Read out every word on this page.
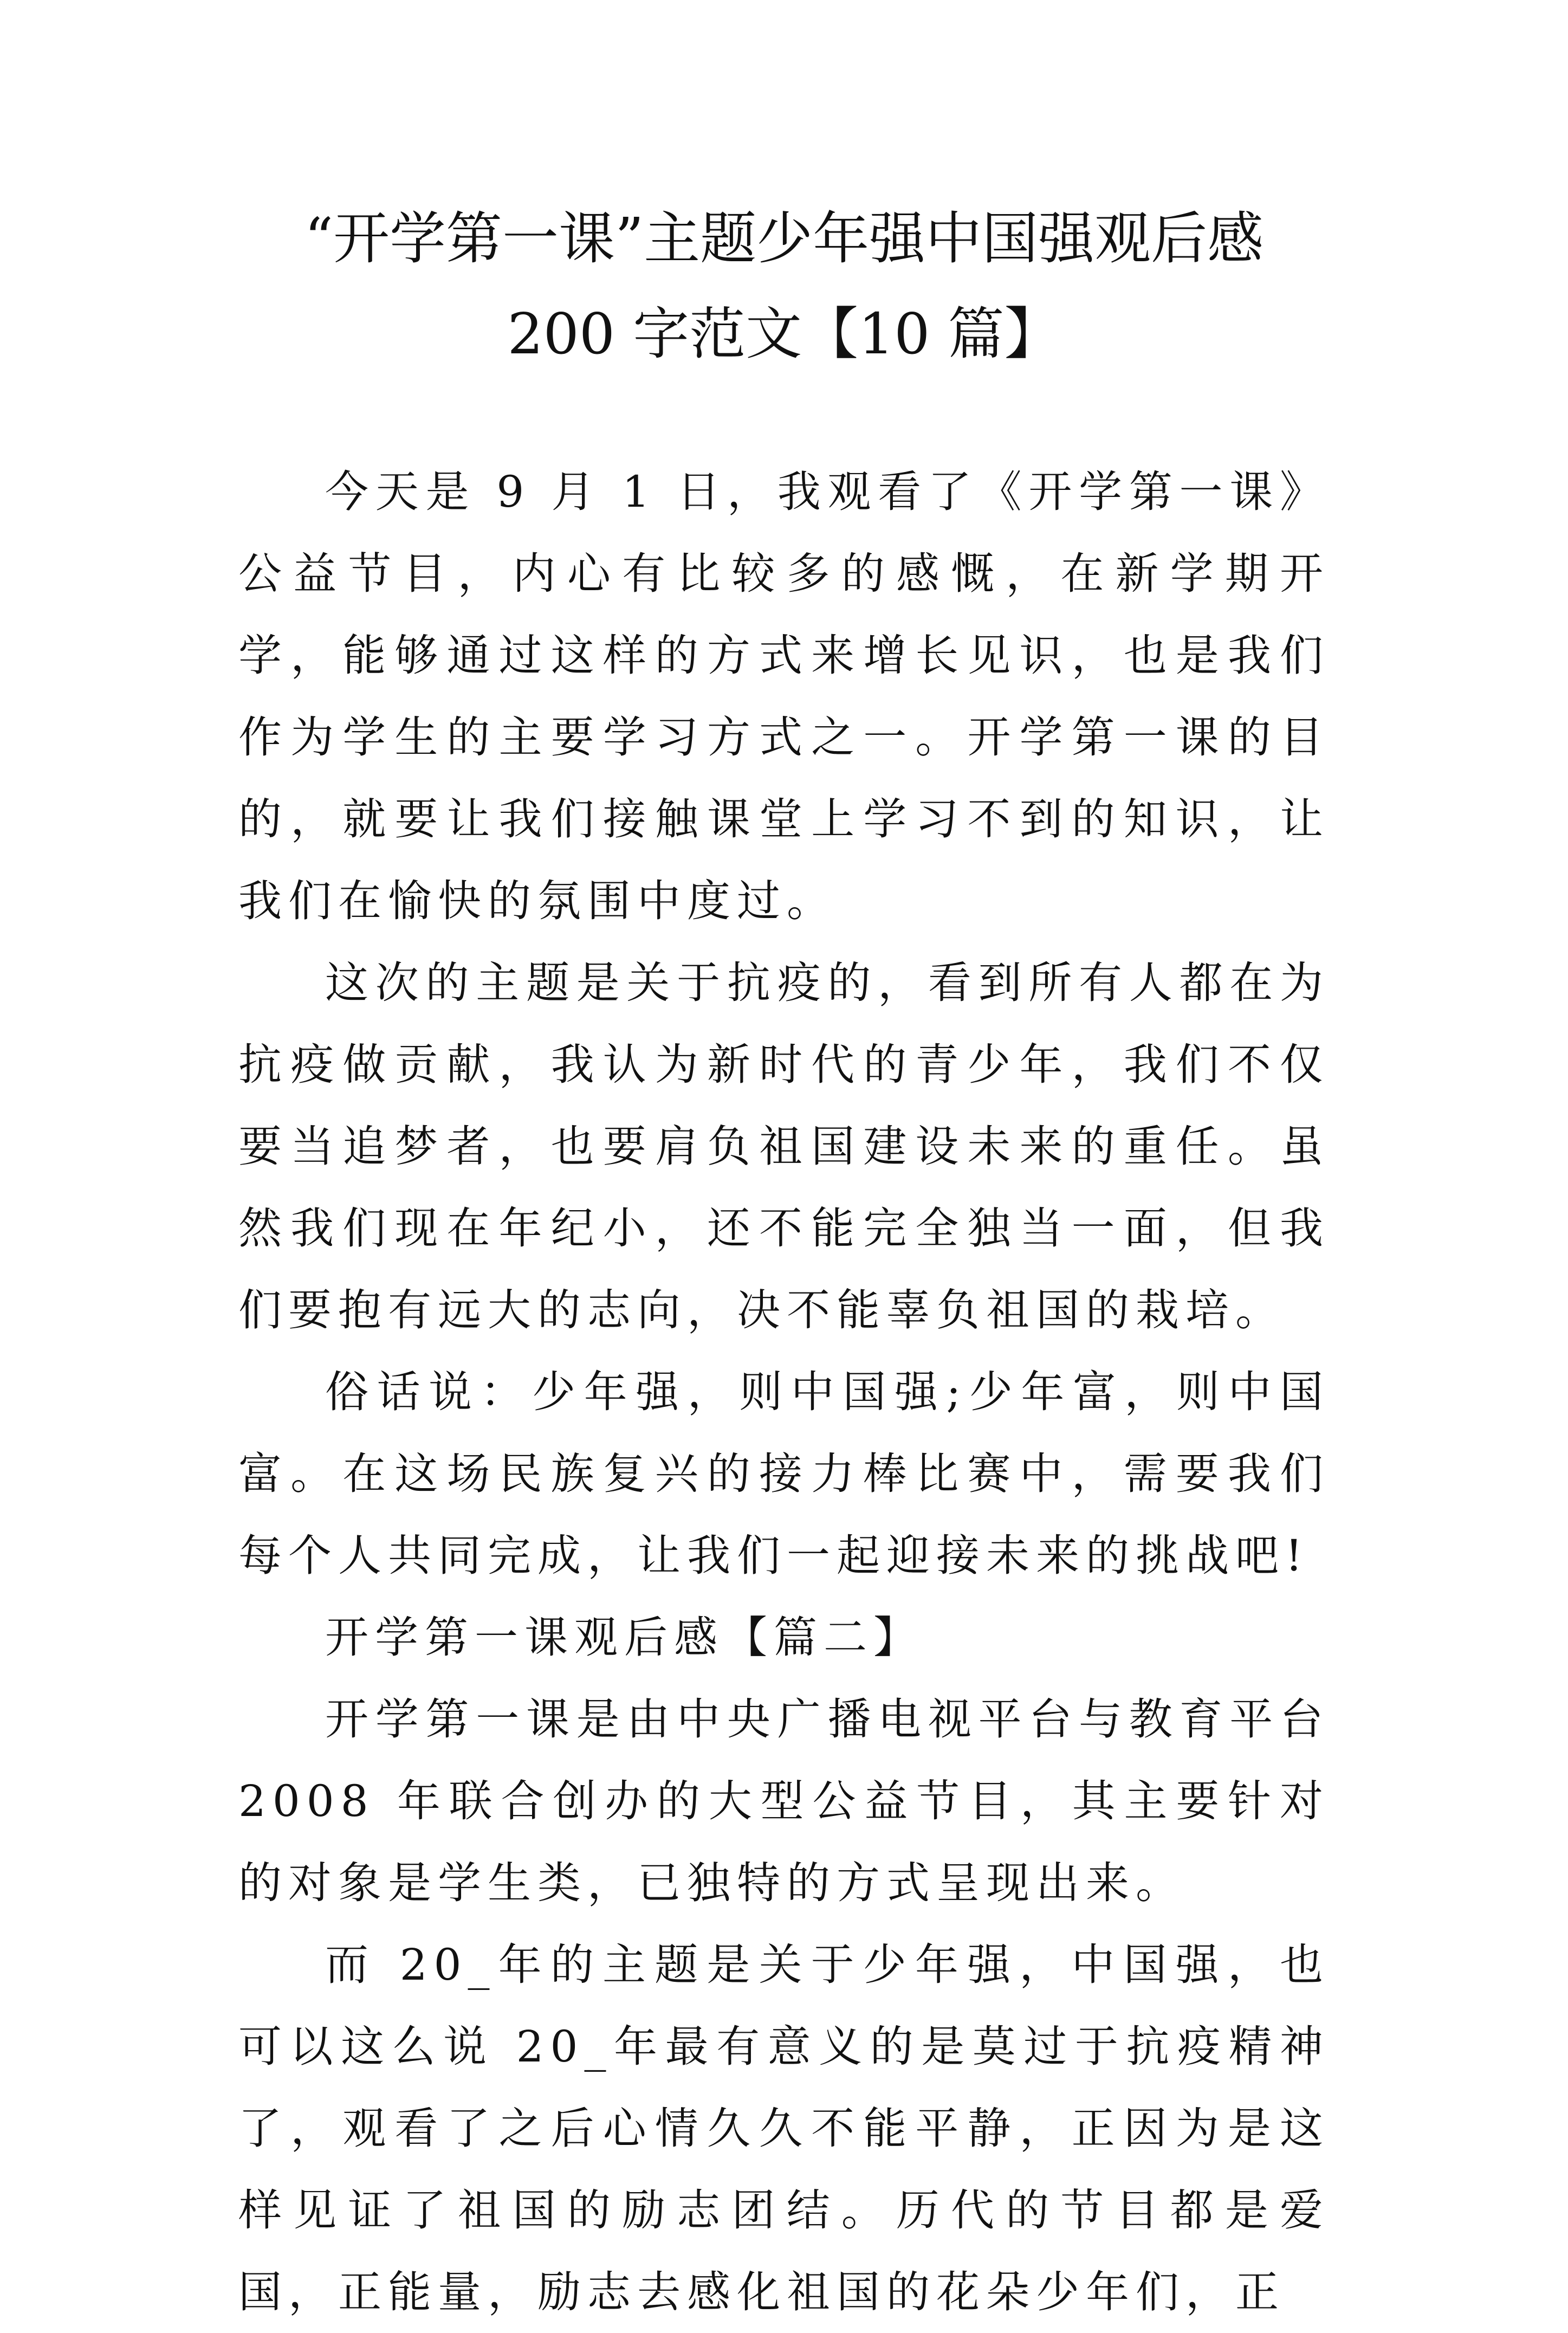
“开学第一课”主题少年强中国强观后感
200 字范文【10 篇】

今天是 9 月 1 日，我观看了《开学第一课》公益节目，内心有比较多的感慨，在新学期开学，能够通过这样的方式来增长见识，也是我们作为学生的主要学习方式之一。开学第一课的目的，就要让我们接触课堂上学习不到的知识，让我们在愉快的氛围中度过。

这次的主题是关于抗疫的，看到所有人都在为抗疫做贡献，我认为新时代的青少年，我们不仅要当追梦者，也要肩负祖国建设未来的重任。虽然我们现在年纪小，还不能完全独当一面，但我们要抱有远大的志向，决不能辜负祖国的栽培。

俗话说：少年强，则中国强;少年富，则中国富。在这场民族复兴的接力棒比赛中，需要我们每个人共同完成，让我们一起迎接未来的挑战吧!

开学第一课观后感【篇二】

开学第一课是由中央广播电视平台与教育平台 2008 年联合创办的大型公益节目，其主要针对的对象是学生类，已独特的方式呈现出来。

而 20_年的主题是关于少年强，中国强，也可以这么说 20_年最有意义的是莫过于抗疫精神了，观看了之后心情久久不能平静，正因为是这样见证了祖国的励志团结。历代的节目都是爱国，正能量，励志去感化祖国的花朵少年们，正
